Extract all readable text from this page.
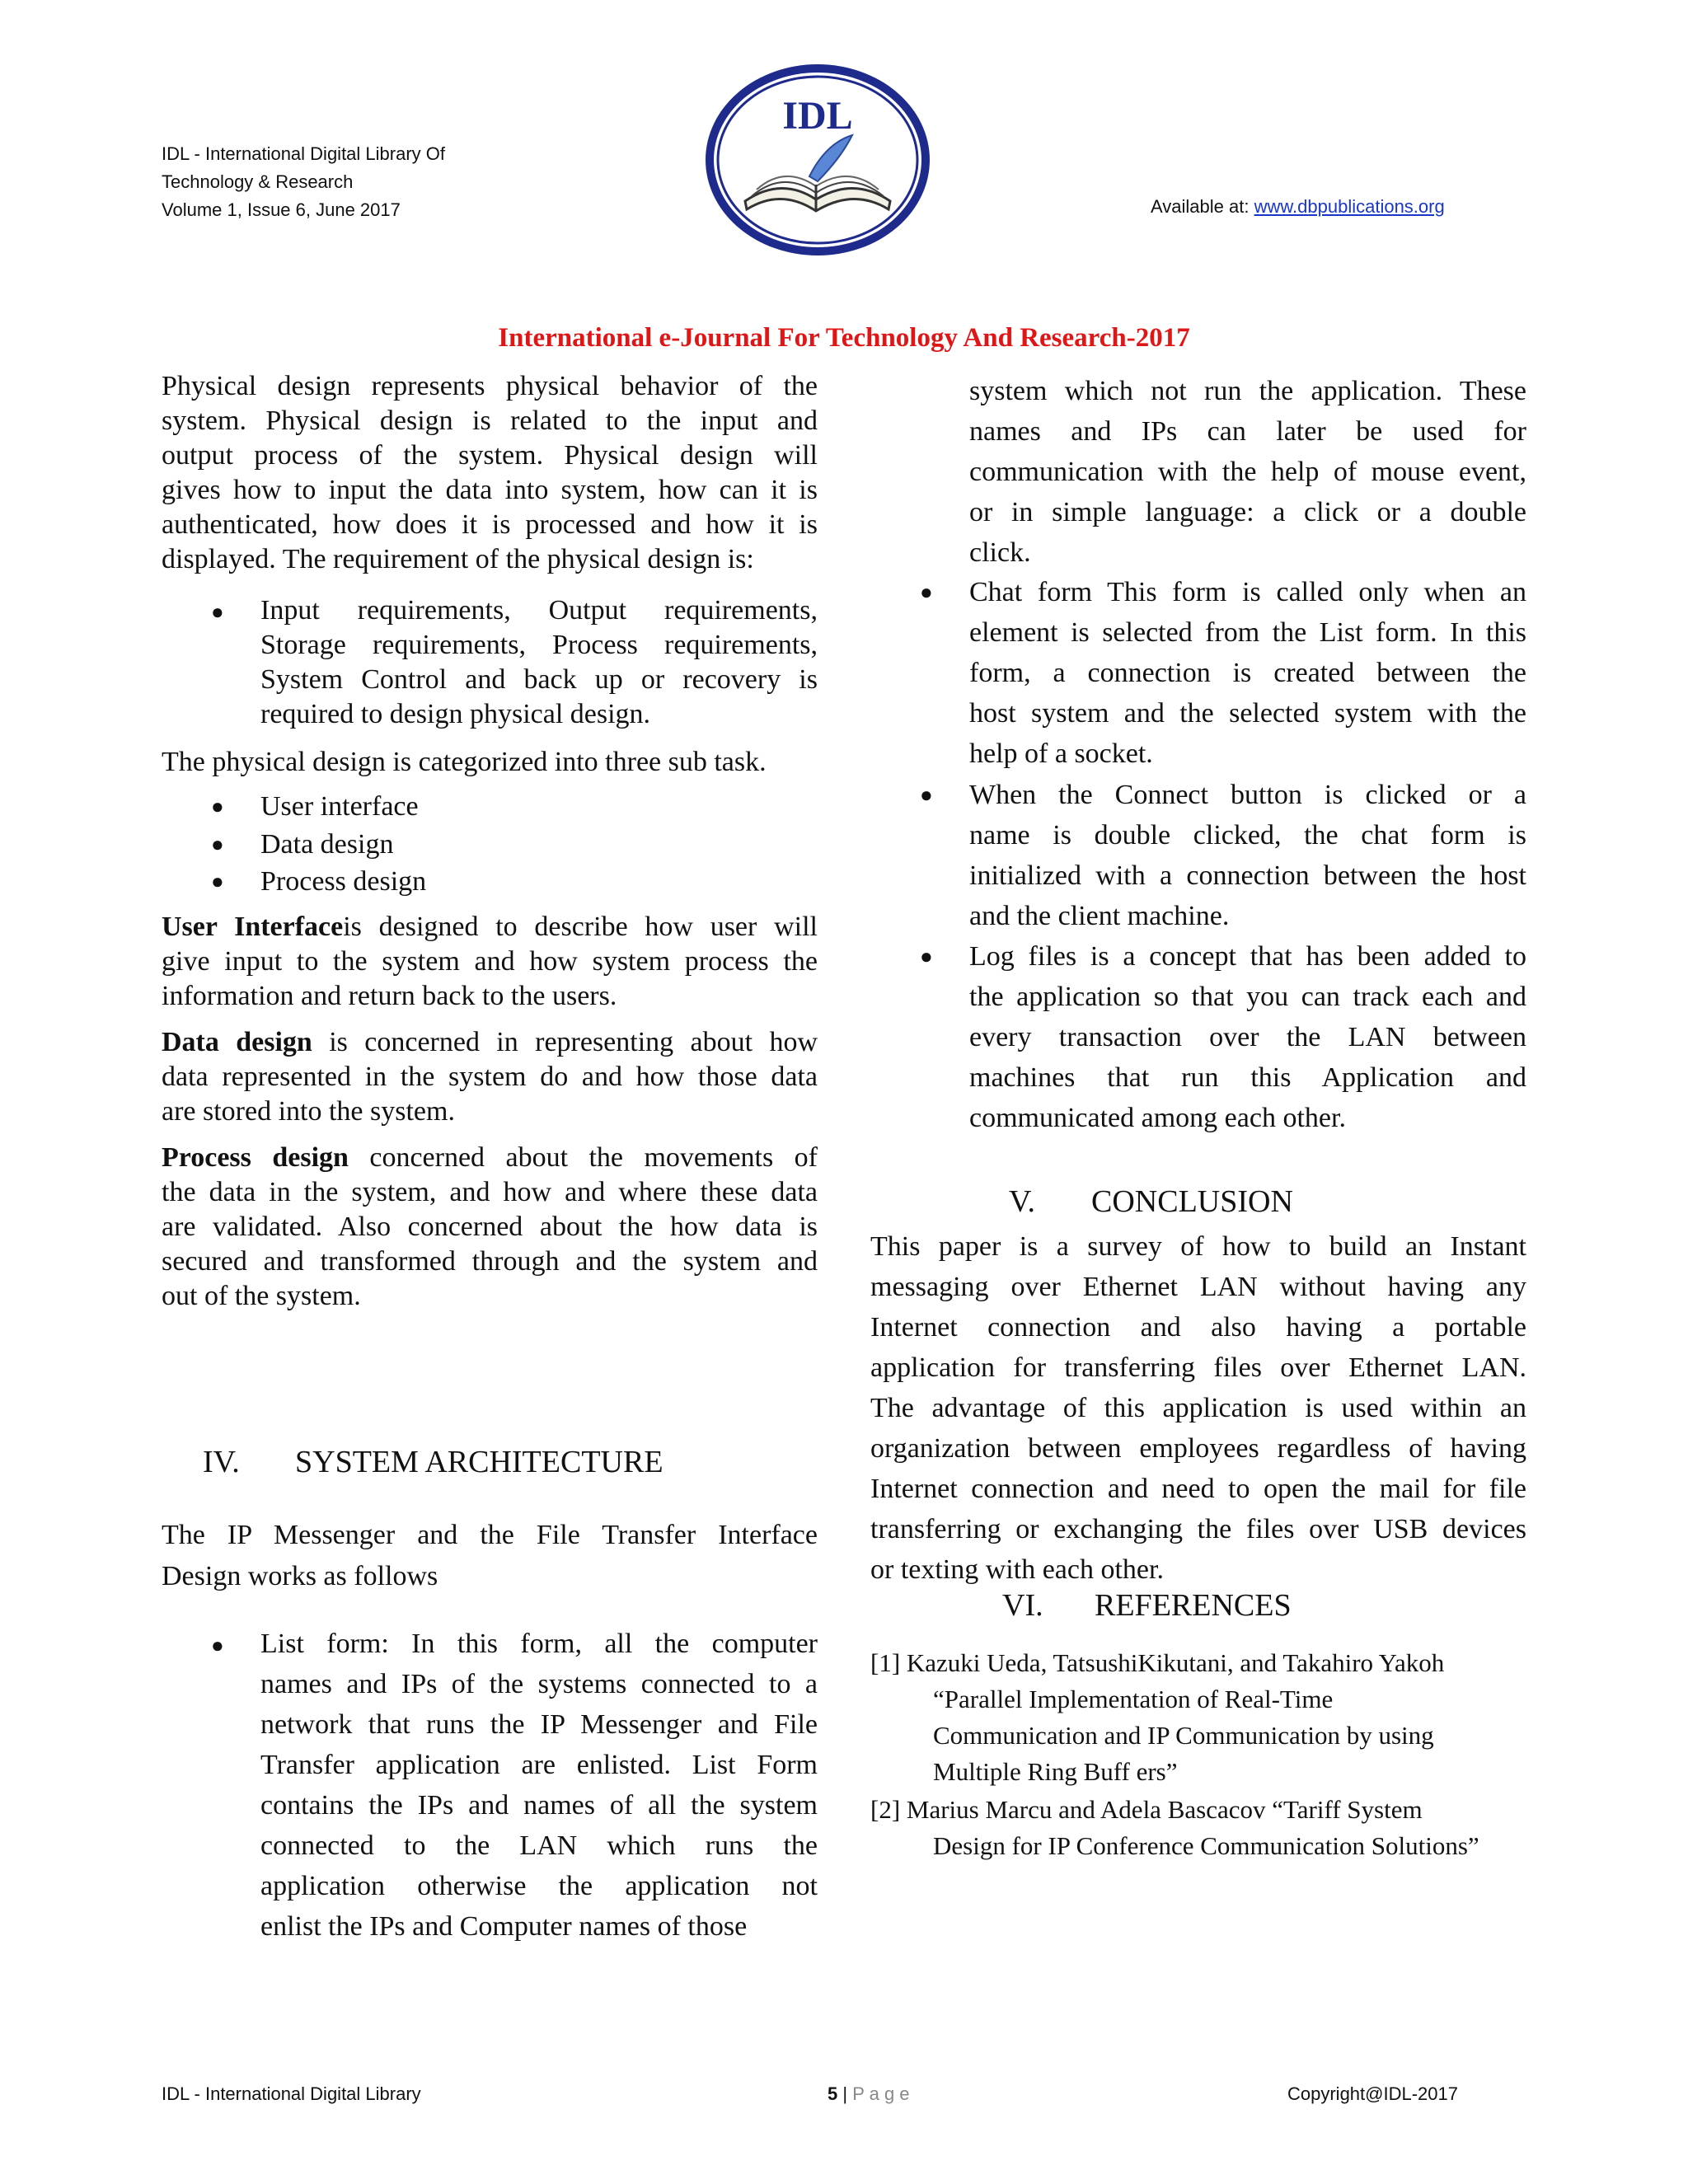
IDL - International Digital Library Of
Technology & Research
Volume 1, Issue 6, June 2017
IDL
Available at: www.dbpublications.org
International e-Journal For Technology And Research-2017

Physical design represents physical behavior of the

system. Physical design is related to the input and

output process of the system. Physical design will

gives how to input the data into system, how can it is

authenticated, how does it is processed and how it is

displayed. The requirement of the physical design is:

● Input requirements, Output requirements,

Storage requirements, Process requirements,

System Control and back up or recovery is

required to design physical design.

The physical design is categorized into three sub task.
● User interface
● Data design
● Process design

User Interfaceis designed to describe how user will

give input to the system and how system process the

information and return back to the users.

Data design is concerned in representing about how

data represented in the system do and how those data

are stored into the system.

Process design concerned about the movements of

the data in the system, and how and where these data

are validated. Also concerned about the how data is

secured and transformed through and the system and

out of the system.

IV. SYSTEM ARCHITECTURE

The IP Messenger and the File Transfer Interface

Design works as follows

● List form: In this form, all the computer

names and IPs of the systems connected to a

network that runs the IP Messenger and File

Transfer application are enlisted. List Form

contains the IPs and names of all the system

connected to the LAN which runs the

application otherwise the application not

enlist the IPs and Computer names of those

system which not run the application. These

names and IPs can later be used for

communication with the help of mouse event,

or in simple language: a click or a double

click.

● Chat form This form is called only when an

element is selected from the List form. In this

form, a connection is created between the

host system and the selected system with the

help of a socket.

● When the Connect button is clicked or a

name is double clicked, the chat form is

initialized with a connection between the host

and the client machine.

● Log files is a concept that has been added to

the application so that you can track each and

every transaction over the LAN between

machines that run this Application and

communicated among each other.

V. CONCLUSION

This paper is a survey of how to build an Instant

messaging over Ethernet LAN without having any

Internet connection and also having a portable

application for transferring files over Ethernet LAN.

The advantage of this application is used within an

organization between employees regardless of having

Internet connection and need to open the mail for file

transferring or exchanging the files over USB devices

or texting with each other.

VI. REFERENCES
[1] Kazuki Ueda, TatsushiKikutani, and Takahiro Yakoh
“Parallel Implementation of Real-Time
Communication and IP Communication by using
Multiple Ring Buff ers”
[2] Marius Marcu and Adela Bascacov “Tariff System
Design for IP Conference Communication Solutions”
IDL - International Digital Library	5 | P a g e	Copyright@IDL-2017
